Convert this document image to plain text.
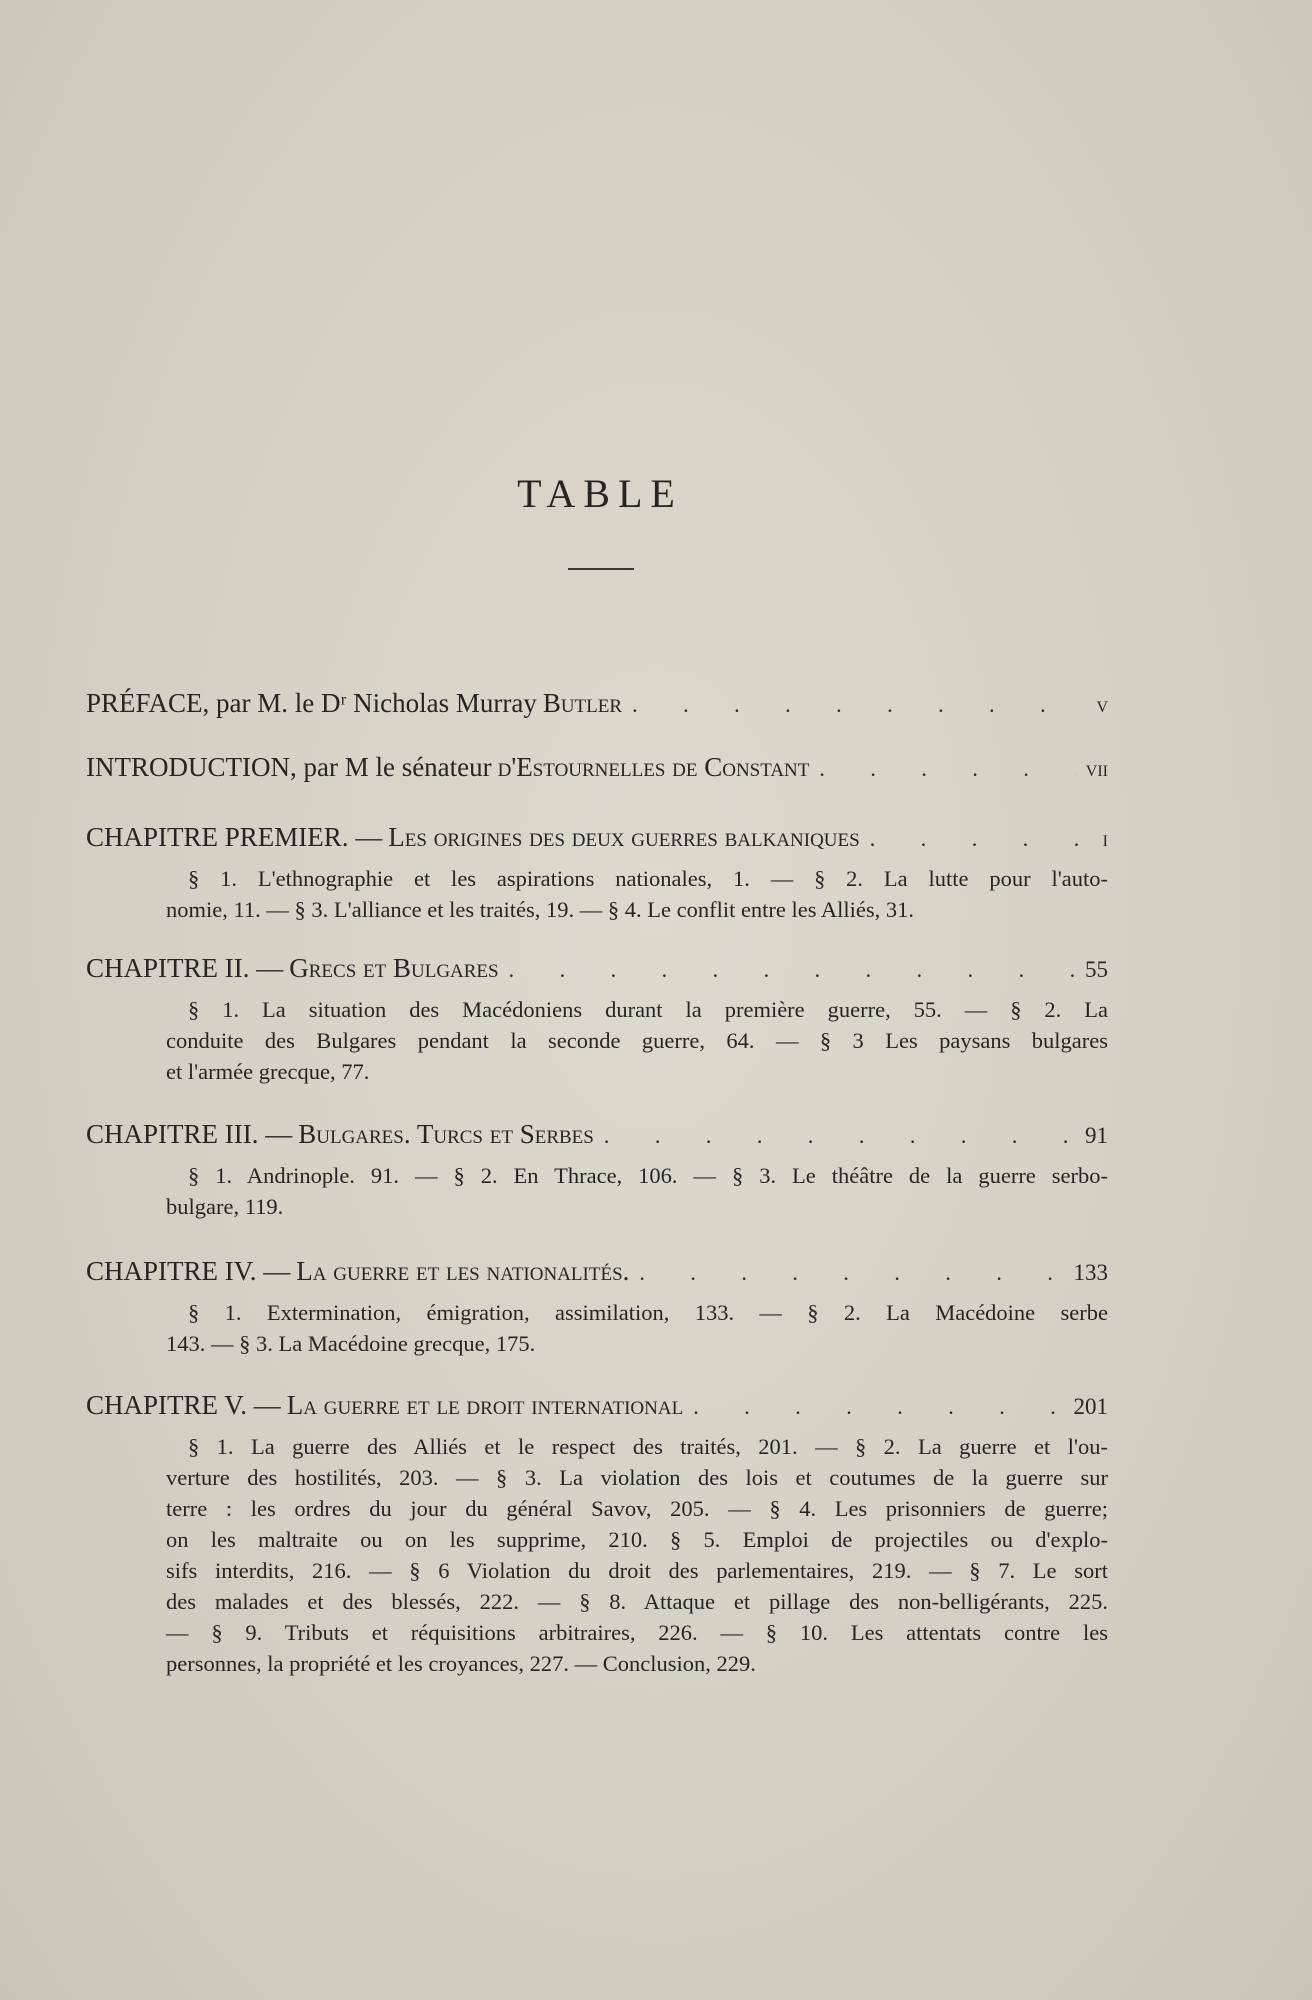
TABLE
PRÉFACE, par M. le Dʳ Nicholas Murray Butler . . .	v
INTRODUCTION, par M le sénateur d'Estournelles de Constant . . .	vii
CHAPITRE PREMIER. — Les origines des deux guerres balkaniques . . .	i
§ 1. L'ethnographie et les aspirations nationales, 1. — § 2. La lutte pour l'auto-
nomie, 11. — § 3. L'alliance et les traités, 19. — § 4. Le conflit entre les Alliés, 31.
CHAPITRE II. — Grecs et Bulgares . . .	55
§ 1. La situation des Macédoniens durant la première guerre, 55. — § 2. La
conduite des Bulgares pendant la seconde guerre, 64. — § 3 Les paysans bulgares
et l'armée grecque, 77.
CHAPITRE III. — Bulgares. Turcs et Serbes . . .	91
§ 1. Andrinople. 91. — § 2. En Thrace, 106. — § 3. Le théâtre de la guerre serbo-
bulgare, 119.
CHAPITRE IV. — La guerre et les nationalités. . . .	133
§ 1. Extermination, émigration, assimilation, 133. — § 2. La Macédoine serbe
143. — § 3. La Macédoine grecque, 175.
CHAPITRE V. — La guerre et le droit international . . .	201
§ 1. La guerre des Alliés et le respect des traités, 201. — § 2. La guerre et l'ou-
verture des hostilités, 203. — § 3. La violation des lois et coutumes de la guerre sur
terre : les ordres du jour du général Savov, 205. — § 4. Les prisonniers de guerre;
on les maltraite ou on les supprime, 210. § 5. Emploi de projectiles ou d'explo-
sifs interdits, 216. — § 6 Violation du droit des parlementaires, 219. — § 7. Le sort
des malades et des blessés, 222. — § 8. Attaque et pillage des non-belligérants, 225.
— § 9. Tributs et réquisitions arbitraires, 226. — § 10. Les attentats contre les
personnes, la propriété et les croyances, 227. — Conclusion, 229.
